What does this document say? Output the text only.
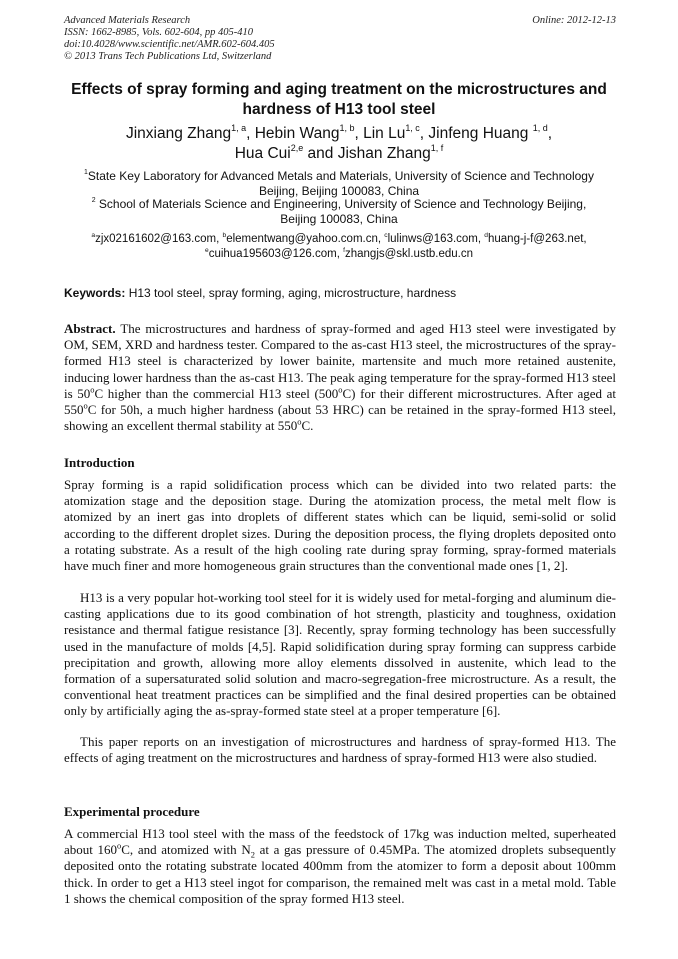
Advanced Materials Research
ISSN: 1662-8985, Vols. 602-604, pp 405-410
doi:10.4028/www.scientific.net/AMR.602-604.405
© 2013 Trans Tech Publications Ltd, Switzerland
Online: 2012-12-13
Effects of spray forming and aging treatment on the microstructures and
hardness of H13 tool steel
Jinxiang Zhang$^{1, a}$, Hebin Wang$^{1, b}$, Lin Lu$^{1, c}$, Jinfeng Huang $^{1, d}$,
Hua Cui$^{2,e}$ and Jishan Zhang$^{1, f}$
$^1$State Key Laboratory for Advanced Metals and Materials, University of Science and Technology
Beijing, Beijing 100083, China
$^2$ School of Materials Science and Engineering, University of Science and Technology Beijing,
Beijing 100083, China
$^a$zjx02161602@163.com, $^b$elementwang@yahoo.com.cn, $^c$lulinws@163.com, $^d$huang-j-f@263.net,
$^e$cuihua195603@126.com, $^f$zhangjs@skl.ustb.edu.cn
Keywords: H13 tool steel, spray forming, aging, microstructure, hardness
Abstract. The microstructures and hardness of spray-formed and aged H13 steel were investigated by OM, SEM, XRD and hardness tester. Compared to the as-cast H13 steel, the microstructures of the spray-formed H13 steel is characterized by lower bainite, martensite and much more retained austenite, inducing lower hardness than the as-cast H13. The peak aging temperature for the spray-formed H13 steel is 50$^o$C higher than the commercial H13 steel (500$^o$C) for their different microstructures. After aged at 550$^o$C for 50h, a much higher hardness (about 53 HRC) can be retained in the spray-formed H13 steel, showing an excellent thermal stability at 550$^o$C.
Introduction
Spray forming is a rapid solidification process which can be divided into two related parts: the atomization stage and the deposition stage. During the atomization process, the metal melt flow is atomized by an inert gas into droplets of different states which can be liquid, semi-solid or solid according to the different droplet sizes. During the deposition process, the flying droplets deposited onto a rotating substrate. As a result of the high cooling rate during spray forming, spray-formed materials have much finer and more homogeneous grain structures than the conventional made ones [1, 2].
H13 is a very popular hot-working tool steel for it is widely used for metal-forging and aluminum die-casting applications due to its good combination of hot strength, plasticity and toughness, oxidation resistance and thermal fatigue resistance [3]. Recently, spray forming technology has been successfully used in the manufacture of molds [4,5]. Rapid solidification during spray forming can suppress carbide precipitation and growth, allowing more alloy elements dissolved in austenite, which lead to the formation of a supersaturated solid solution and macro-segregation-free microstructure. As a result, the conventional heat treatment practices can be simplified and the final desired properties can be obtained only by artificially aging the as-spray-formed state steel at a proper temperature [6].
This paper reports on an investigation of microstructures and hardness of spray-formed H13. The effects of aging treatment on the microstructures and hardness of spray-formed H13 were also studied.
Experimental procedure
A commercial H13 tool steel with the mass of the feedstock of 17kg was induction melted, superheated about 160$^o$C, and atomized with $N_2$ at a gas pressure of 0.45MPa. The atomized droplets subsequently deposited onto the rotating substrate located 400mm from the atomizer to form a deposit about 100mm thick. In order to get a H13 steel ingot for comparison, the remained melt was cast in a metal mold. Table 1 shows the chemical composition of the spray formed H13 steel.
